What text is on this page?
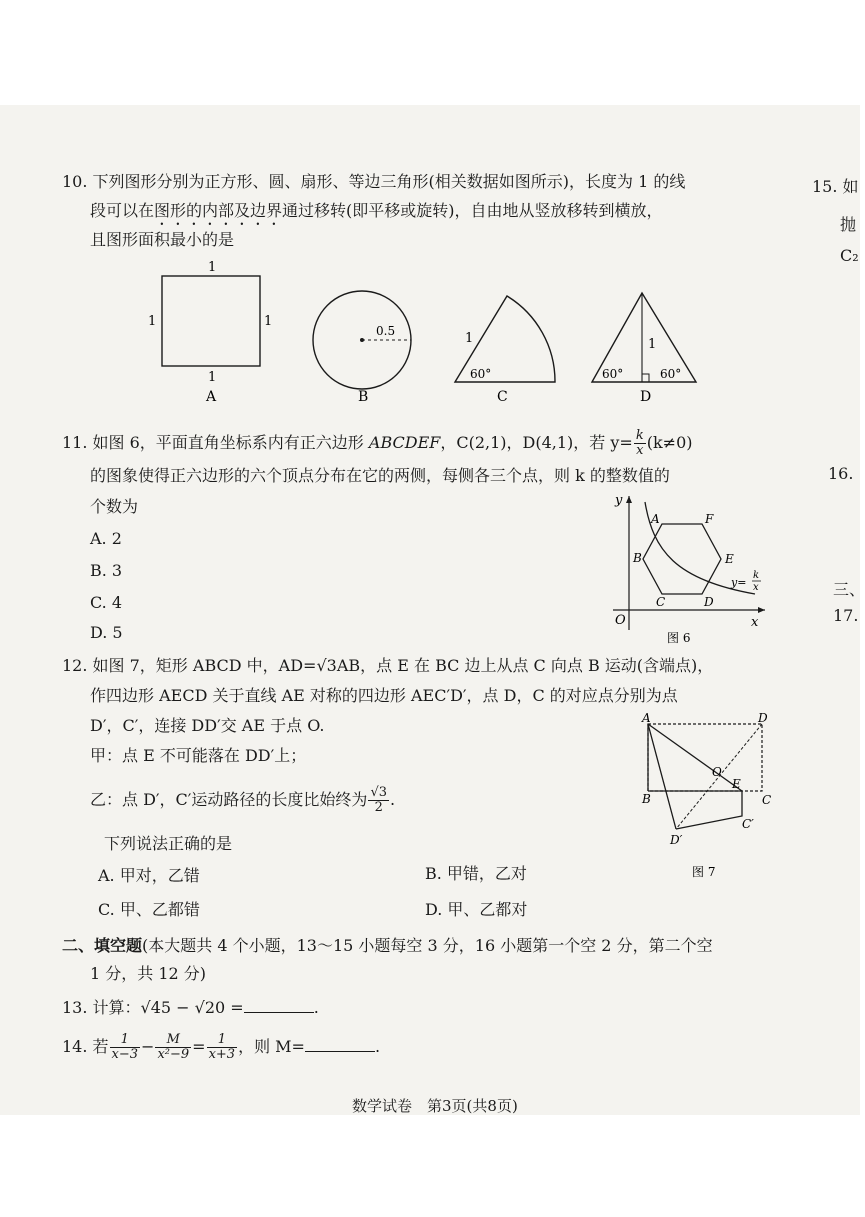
15. 如
抛
C₂
16.
三、
17.
10. 下列图形分别为正方形、圆、扇形、等边三角形(相关数据如图所示)，长度为 1 的线
段可以在图形的内部及边界通过移转(即平移或旋转)，自由地从竖放移转到横放，
且图形面积最小的是
1
1	1
1
A
0.5
B
1
60°
C
1
60°	60°
D
11. 如图 6，平面直角坐标系内有正六边形 ABCDEF，C(2,1)，D(4,1)，若 $y= \frac{k}{x} (k\ne 0)$
的图象使得正六边形的六个顶点分布在它的两侧，每侧各三个点，则 k 的整数值的
个数为
A. 2
B. 3
C. 4
D. 5
y
x
O
A	F
B	E
C	D
y=
k
x
图 6
12. 如图 7，矩形 ABCD 中，AD=√3AB，点 E 在 BC 边上从点 C 向点 B 运动(含端点)，
作四边形 AECD 关于直线 AE 对称的四边形 AEC′D′，点 D，C 的对应点分别为点
D′，C′，连接 DD′交 AE 于点 O.
甲：点 E 不可能落在 DD′上；
乙：点 D′，C′运动路径的长度比始终为 $\frac{√3}{2}$ .
下列说法正确的是
A. 甲对，乙错	B. 甲错，乙对
C. 甲、乙都错	D. 甲、乙都对
A	D
B	C
O
E
C′
D′
图 7
二、填空题(本大题共 4 个小题，13～15 小题每空 3 分，16 小题第一个空 2 分，第二个空
1 分，共 12 分)
13. 计算：√45 − √20 =	.
14. 若 $\frac{1}{x-3} - \frac{M}{\text{x²−9}} = \frac{1}{x+3}$ ，则 M=	.
数学试卷　第3页(共8页)
